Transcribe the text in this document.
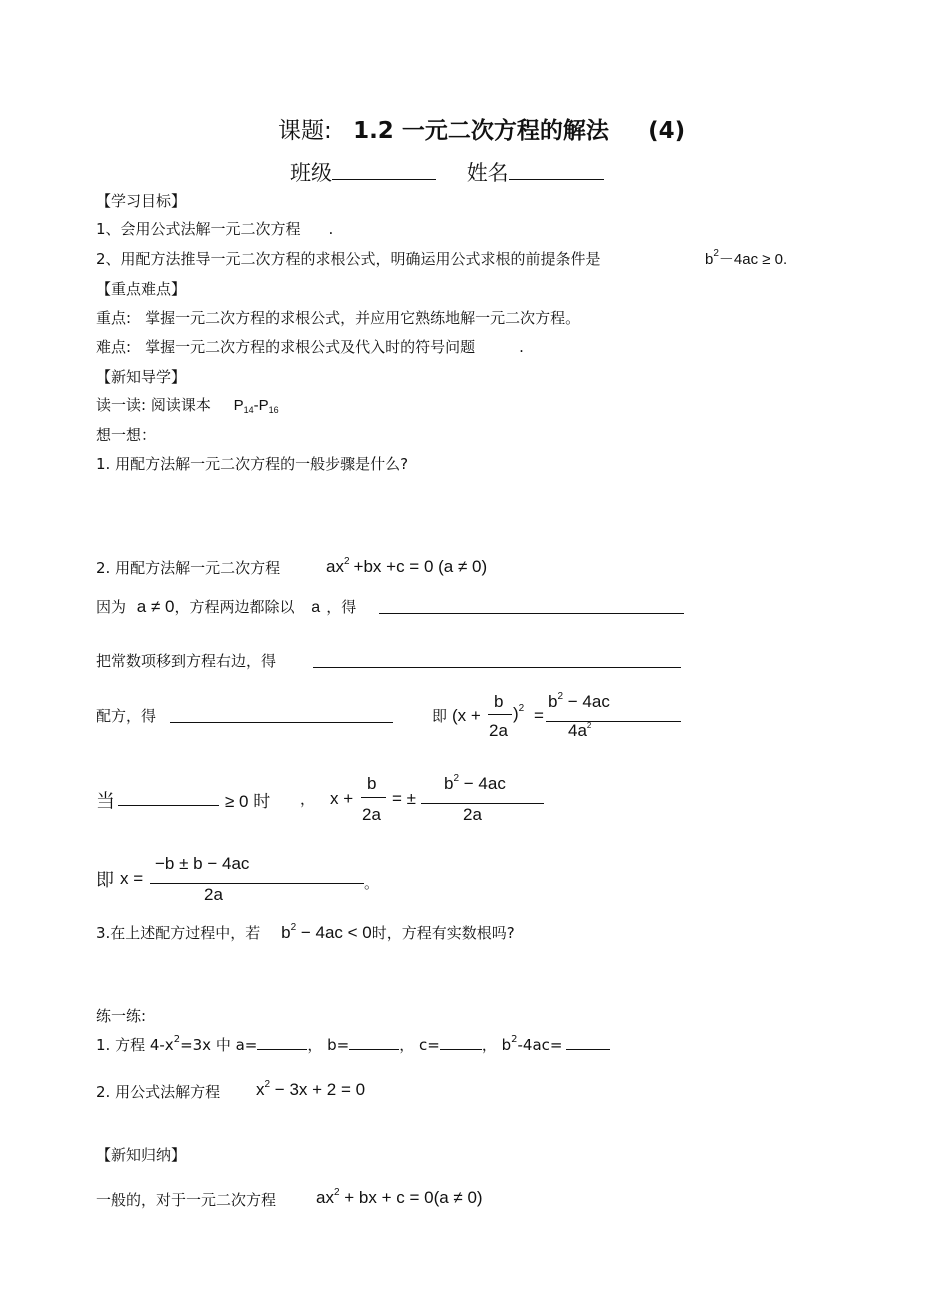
课题: 1.2 一元二次方程的解法 (4)
班级	姓名
【学习目标】
1、会用公式法解一元二次方程 .
2、用配方法推导一元二次方程的求根公式，明确运用公式求根的前提条件是	$b^2-4ac \ge 0$.
【重点难点】
重点: 掌握一元二次方程的求根公式，并应用它熟练地解一元二次方程。
难点: 掌握一元二次方程的求根公式及代入时的符号问题	.
【新知导学】
读一读: 阅读课本 $P_{14}-P_{16}$
想一想：
1. 用配方法解一元二次方程的一般步骤是什么?
2. 用配方法解一元二次方程	$ax^2 +bx +c = 0$ (a ≠ 0)
因为 a ≠ 0，方程两边都除以 a ，得
把常数项移到方程右边，得
配方，得	即 (x +
b
2a
)$^2$ =
$b^2 - 4ac$
$4a^2$
当	≥ 0 时 ， x +
b
2a
= ±
$b^2 - 4ac$
2a
即 x =
−b ± b − 4ac
2a
。
3.在上述配方过程中，若 $b^2 - 4ac < 0$时，方程有实数根吗?
练一练:
1. 方程 $4-x^2=3x$ 中 a=	， b=	， c=	， $b^2-4ac=$
2. 用公式法解方程 $x^2 - 3x + 2 = 0$
【新知归纳】
一般的，对于一元二次方程 $ax^2$ + bx + c = 0(a ≠ 0)
